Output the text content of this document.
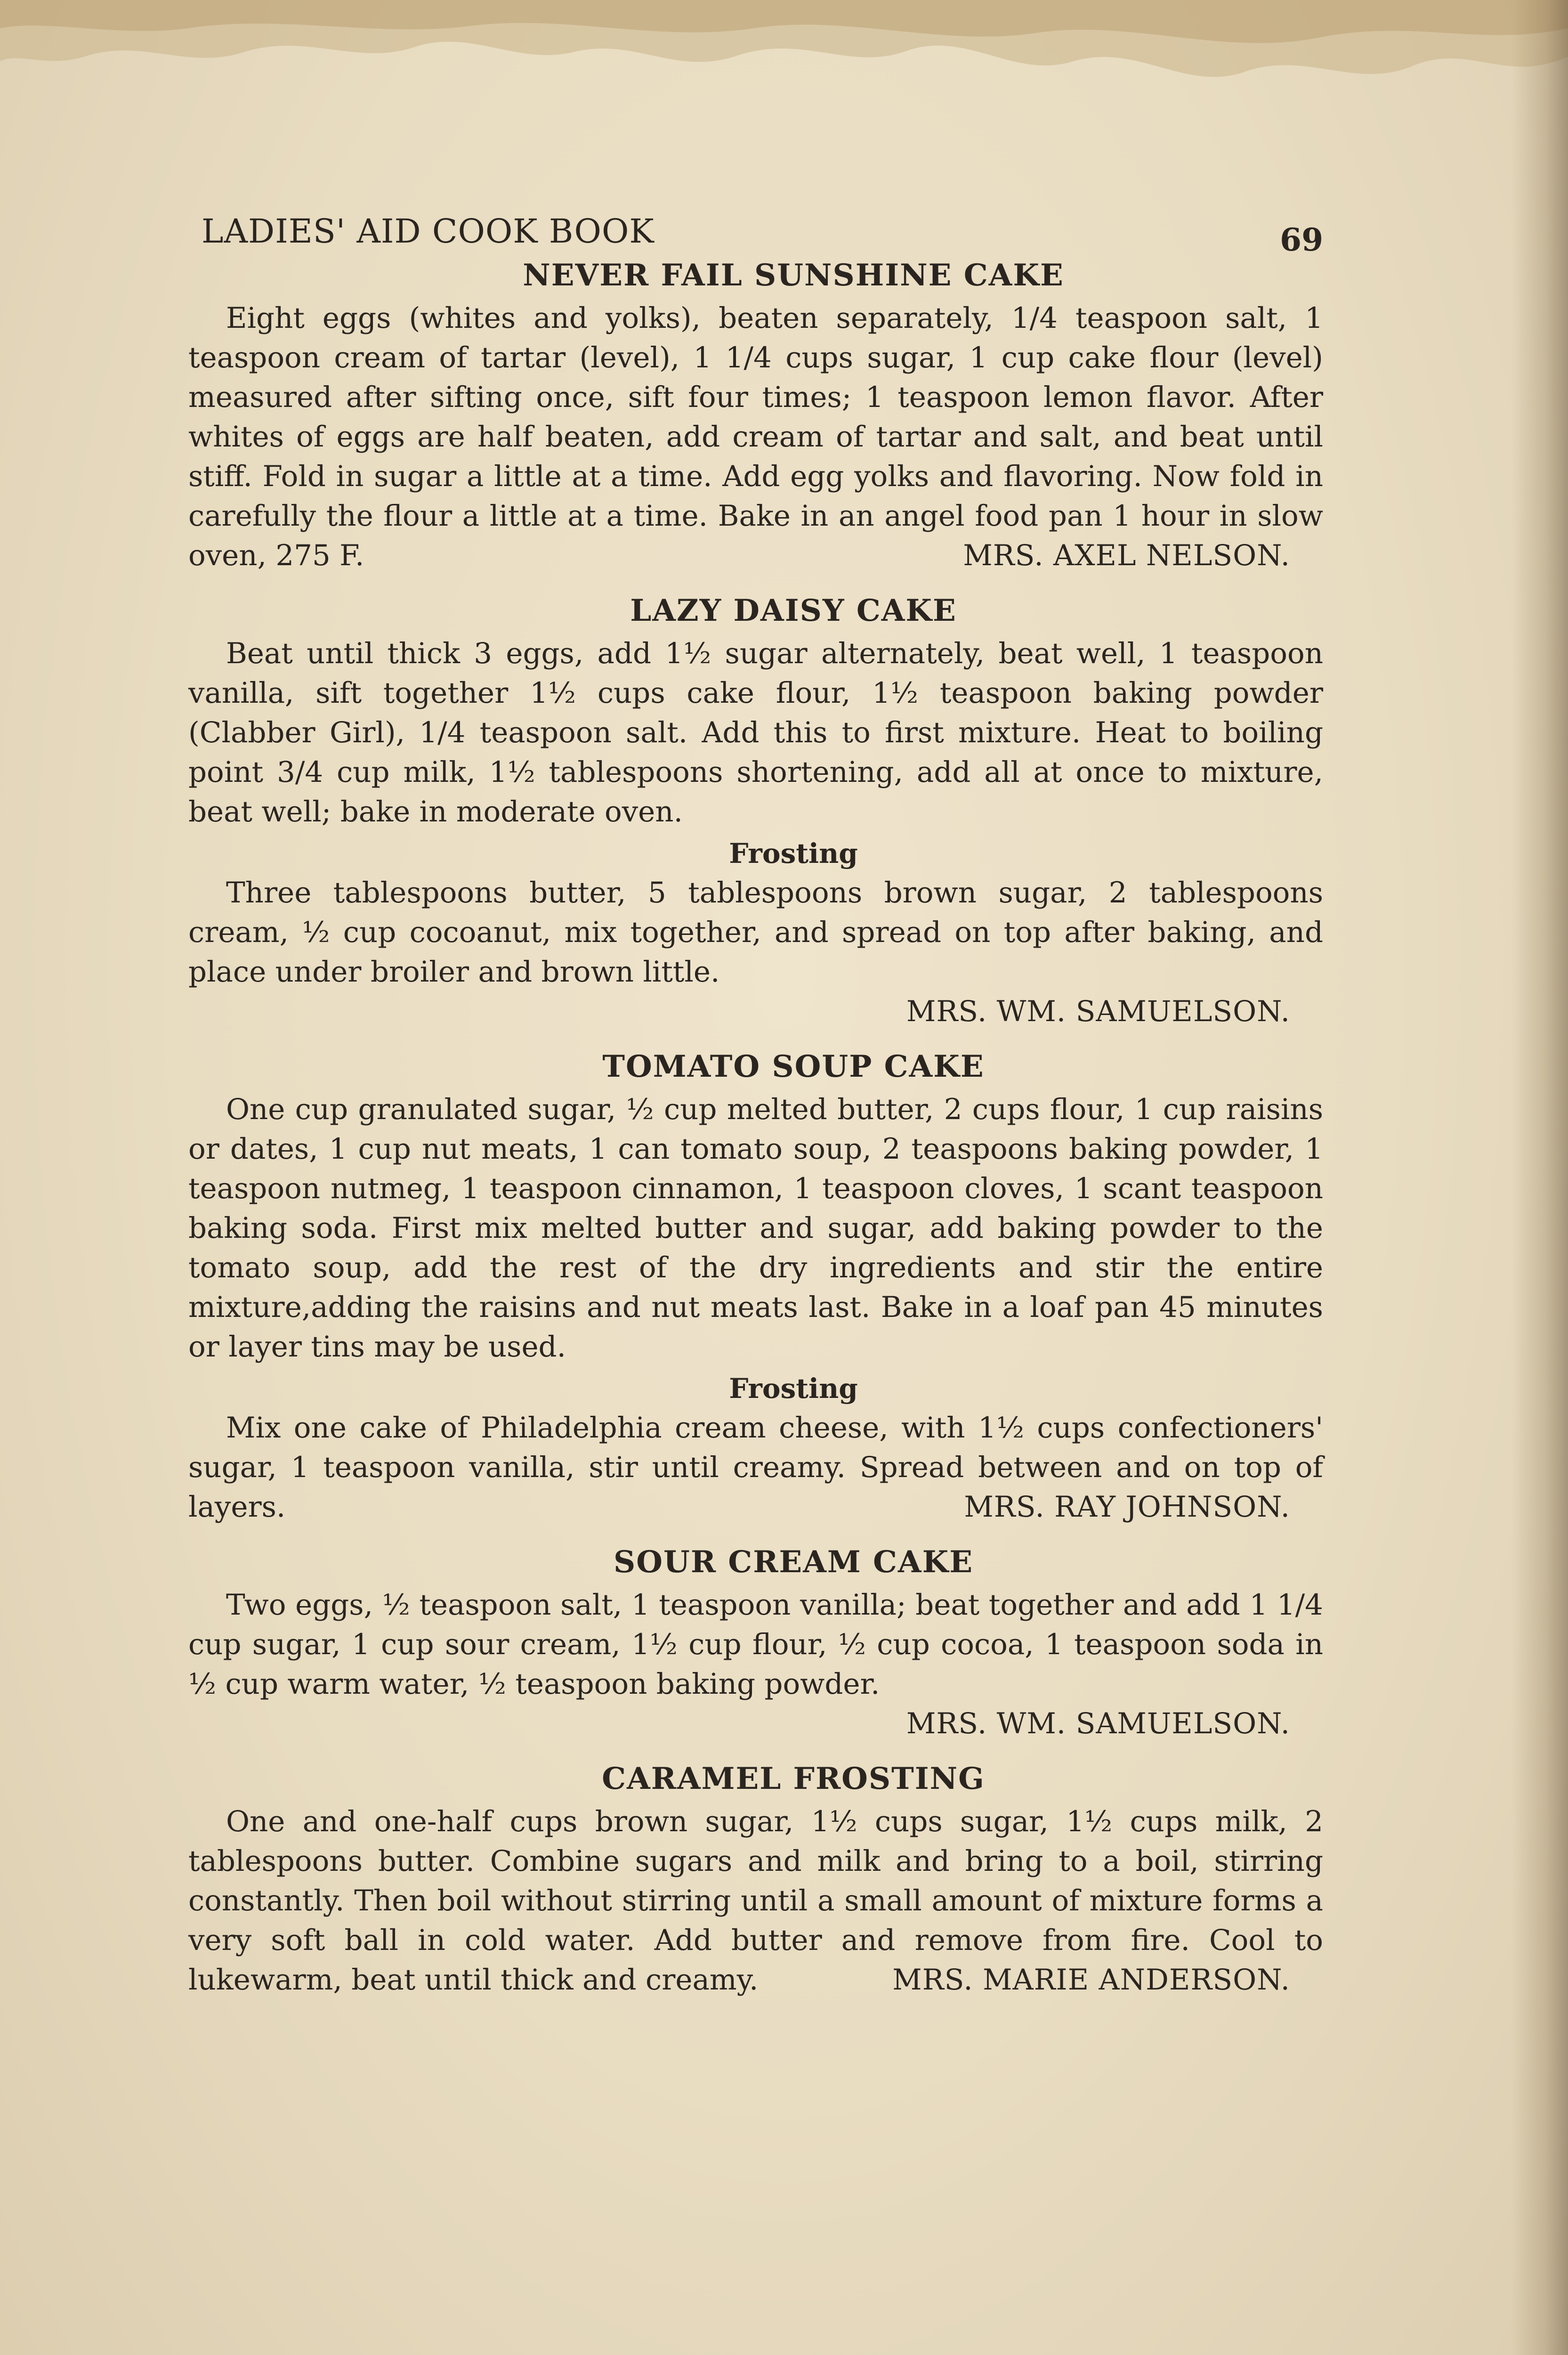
LADIES' AID COOK BOOK	69
NEVER FAIL SUNSHINE CAKE

Eight eggs (whites and yolks), beaten separately, 1/4 teaspoon salt, 1 teaspoon cream of tartar (level), 1 1/4 cups sugar, 1 cup cake flour (level) measured after sifting once, sift four times; 1 teaspoon lemon flavor. After whites of eggs are half beaten, add cream of tartar and salt, and beat until stiff. Fold in sugar a little at a time. Add egg yolks and flavoring. Now fold in carefully the flour a little at a time. Bake in an angel food pan 1 hour in slow oven, 275 F.	MRS. AXEL NELSON.

LAZY DAISY CAKE

Beat until thick 3 eggs, add 1½ sugar alternately, beat well, 1 teaspoon vanilla, sift together 1½ cups cake flour, 1½ teaspoon baking powder (Clabber Girl), 1/4 teaspoon salt. Add this to first mixture. Heat to boiling point 3/4 cup milk, 1½ tablespoons shortening, add all at once to mixture, beat well; bake in moderate oven.

Frosting

Three tablespoons butter, 5 tablespoons brown sugar, 2 tablespoons cream, ½ cup cocoanut, mix together, and spread on top after baking, and place under broiler and brown little.

MRS. WM. SAMUELSON.
TOMATO SOUP CAKE

One cup granulated sugar, ½ cup melted butter, 2 cups flour, 1 cup raisins or dates, 1 cup nut meats, 1 can tomato soup, 2 teaspoons baking powder, 1 teaspoon nutmeg, 1 teaspoon cinnamon, 1 teaspoon cloves, 1 scant teaspoon baking soda. First mix melted butter and sugar, add baking powder to the tomato soup, add the rest of the dry ingredients and stir the entire mixture,adding the raisins and nut meats last. Bake in a loaf pan 45 minutes or layer tins may be used.

Frosting

Mix one cake of Philadelphia cream cheese, with 1½ cups confectioners' sugar, 1 teaspoon vanilla, stir until creamy. Spread between and on top of layers.	MRS. RAY JOHNSON.

SOUR CREAM CAKE

Two eggs, ½ teaspoon salt, 1 teaspoon vanilla; beat together and add 1 1/4 cup sugar, 1 cup sour cream, 1½ cup flour, ½ cup cocoa, 1 teaspoon soda in ½ cup warm water, ½ teaspoon baking powder.
MRS. WM. SAMUELSON.

CARAMEL FROSTING

One and one-half cups brown sugar, 1½ cups sugar, 1½ cups milk, 2 tablespoons butter. Combine sugars and milk and bring to a boil, stirring constantly. Then boil without stirring until a small amount of mixture forms a very soft ball in cold water. Add butter and remove from fire. Cool to lukewarm, beat until thick and creamy.	MRS. MARIE ANDERSON.
